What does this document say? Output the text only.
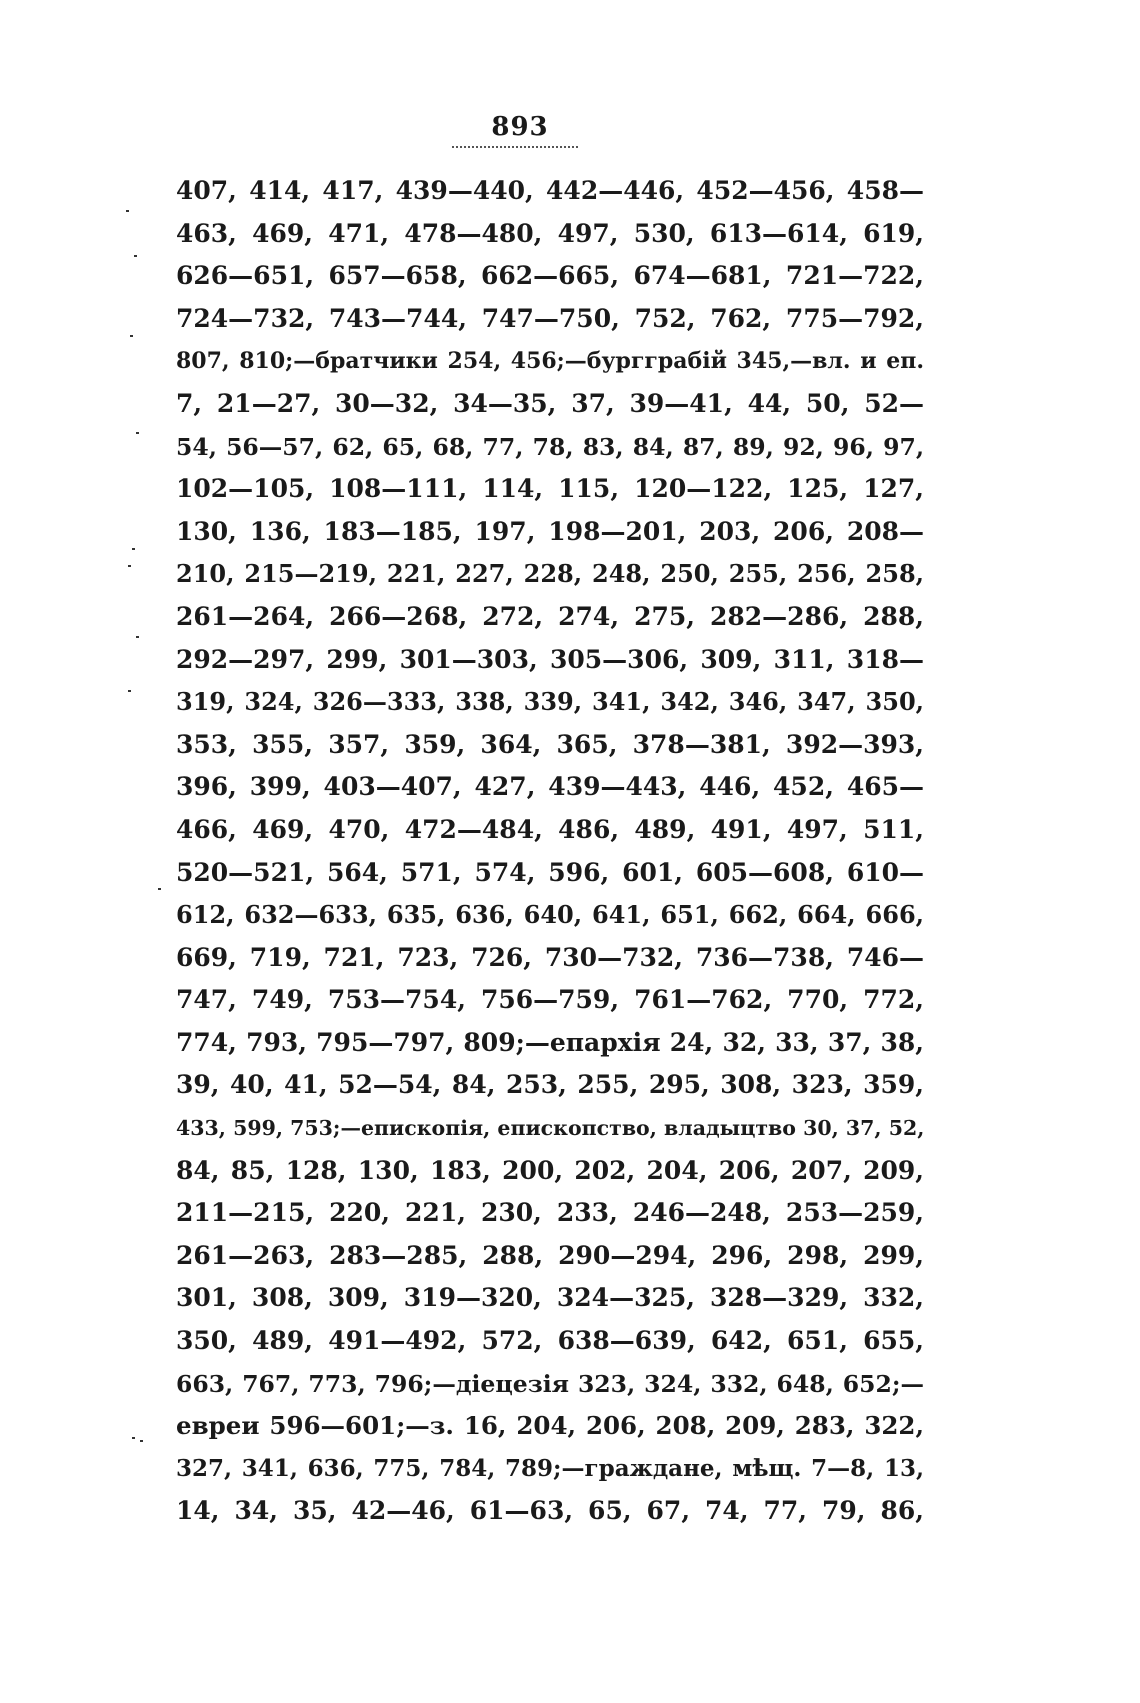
893
407, 414, 417, 439—440, 442—446, 452—456, 458—
463, 469, 471, 478—480, 497, 530, 613—614, 619,
626—651, 657—658, 662—665, 674—681, 721—722,
724—732, 743—744, 747—750, 752, 762, 775—792,
807, 810;—братчики 254, 456;—бургграбій 345,—вл. и еп.
7, 21—27, 30—32, 34—35, 37, 39—41, 44, 50, 52—
54, 56—57, 62, 65, 68, 77, 78, 83, 84, 87, 89, 92, 96, 97,
102—105, 108—111, 114, 115, 120—122, 125, 127,
130, 136, 183—185, 197, 198—201, 203, 206, 208—
210, 215—219, 221, 227, 228, 248, 250, 255, 256, 258,
261—264, 266—268, 272, 274, 275, 282—286, 288,
292—297, 299, 301—303, 305—306, 309, 311, 318—
319, 324, 326—333, 338, 339, 341, 342, 346, 347, 350,
353, 355, 357, 359, 364, 365, 378—381, 392—393,
396, 399, 403—407, 427, 439—443, 446, 452, 465—
466, 469, 470, 472—484, 486, 489, 491, 497, 511,
520—521, 564, 571, 574, 596, 601, 605—608, 610—
612, 632—633, 635, 636, 640, 641, 651, 662, 664, 666,
669, 719, 721, 723, 726, 730—732, 736—738, 746—
747, 749, 753—754, 756—759, 761—762, 770, 772,
774, 793, 795—797, 809;—епархія 24, 32, 33, 37, 38,
39, 40, 41, 52—54, 84, 253, 255, 295, 308, 323, 359,
433, 599, 753;—епископія, епископство, владыцтво 30, 37, 52,
84, 85, 128, 130, 183, 200, 202, 204, 206, 207, 209,
211—215, 220, 221, 230, 233, 246—248, 253—259,
261—263, 283—285, 288, 290—294, 296, 298, 299,
301, 308, 309, 319—320, 324—325, 328—329, 332,
350, 489, 491—492, 572, 638—639, 642, 651, 655,
663, 767, 773, 796;—діецезія 323, 324, 332, 648, 652;—
евреи 596—601;—з. 16, 204, 206, 208, 209, 283, 322,
327, 341, 636, 775, 784, 789;—граждане, мѣщ. 7—8, 13,
14, 34, 35, 42—46, 61—63, 65, 67, 74, 77, 79, 86,
